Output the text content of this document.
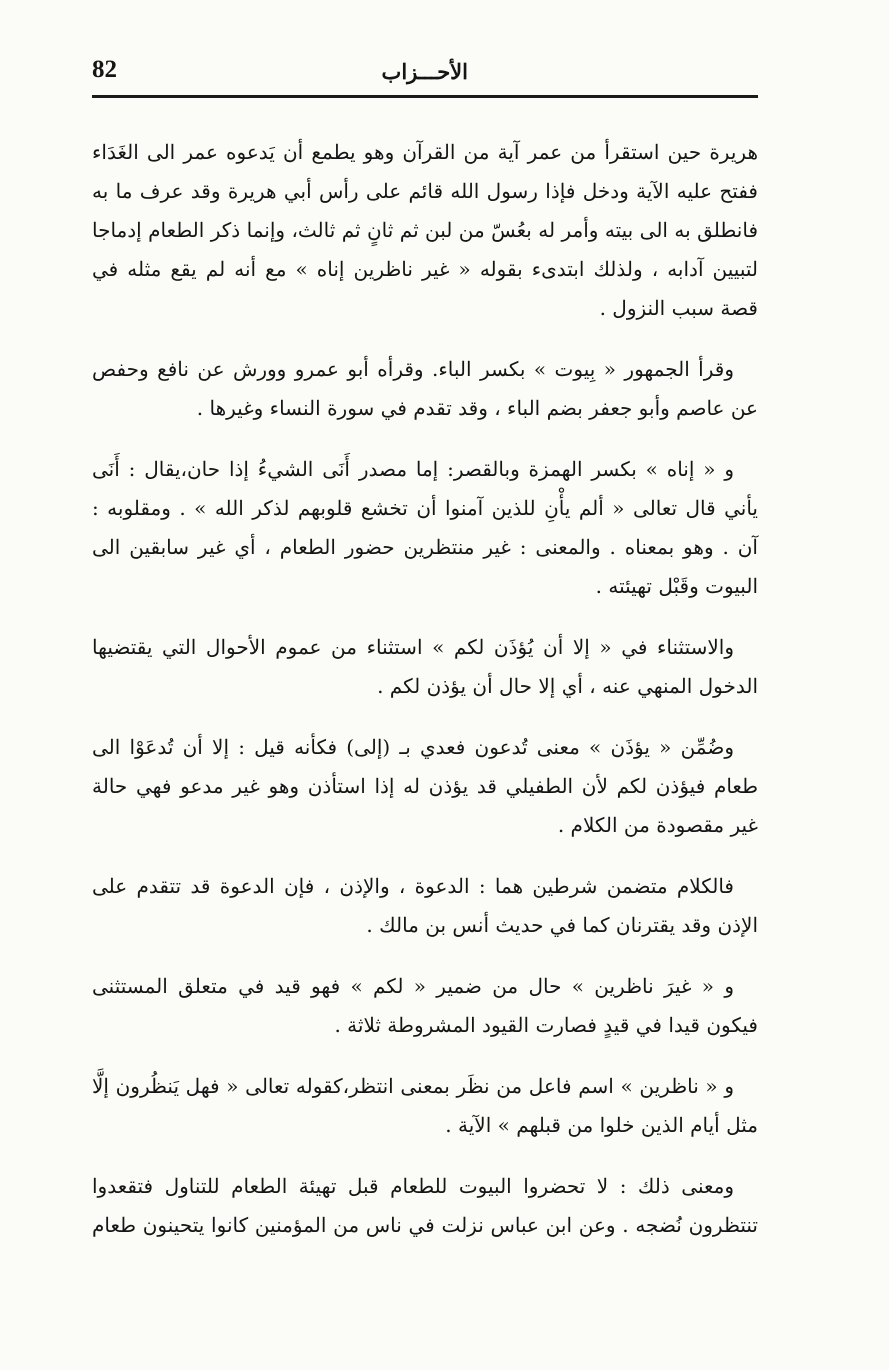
82	الأحـــزاب

هريرة حين استقرأ من عمر آية من القرآن وهو يطمع أن يَدعوه عمر الى الغَدَاء
ففتح عليه الآية ودخل فإذا رسول الله قائم على رأس أبي هريرة وقد عرف ما به
فانطلق به الى بيته وأمر له بعُسّ من لبن ثم ثانٍ ثم ثالث، وإنما ذكر الطعام إدماجا
لتبيين آدابه ، ولذلك ابتدىء بقوله « غير ناظرين إناه » مع أنه لم يقع مثله في
قصة سبب النزول .

وقرأ الجمهور « بِيوت » بكسر الباء. وقرأه أبو عمرو وورش عن نافع وحفص
عن عاصم وأبو جعفر بضم الباء ، وقد تقدم في سورة النساء وغيرها .

و « إناه » بكسر الهمزة وبالقصر: إما مصدر أَنَى الشيءُ إذا حان،يقال : أَنَى
يأني قال تعالى « ألم يأْنِ للذين آمنوا أن تخشع قلوبهم لذكر الله » . ومقلوبه :
آن . وهو بمعناه . والمعنى : غير منتظرين حضور الطعام ، أي غير سابقين الى
البيوت وقَبْل تهيئته .

والاستثناء في « إلا أن يُؤذَن لكم » استثناء من عموم الأحوال التي يقتضيها
الدخول المنهي عنه ، أي إلا حال أن يؤذن لكم .

وضُمِّن « يؤذَن » معنى تُدعون فعدي بـ (إلى) فكأنه قيل : إلا أن تُدعَوْا الى
طعام فيؤذن لكم لأن الطفيلي قد يؤذن له إذا استأذن وهو غير مدعو فهي حالة
غير مقصودة من الكلام .

فالكلام متضمن شرطين هما : الدعوة ، والإذن ، فإن الدعوة قد تتقدم على
الإذن وقد يقترنان كما في حديث أنس بن مالك .

و « غيرَ ناظرين » حال من ضمير « لكم » فهو قيد في متعلق المستثنى
فيكون قيدا في قيدٍ فصارت القيود المشروطة ثلاثة .

و « ناظرين » اسم فاعل من نظَر بمعنى انتظر،كقوله تعالى « فهل يَنظُرون إلَّا
مثل أيام الذين خلوا من قبلهم » الآية .

ومعنى ذلك : لا تحضروا البيوت للطعام قبل تهيئة الطعام للتناول فتقعدوا
تنتظرون نُضجه . وعن ابن عباس نزلت في ناس من المؤمنين كانوا يتحينون طعام
